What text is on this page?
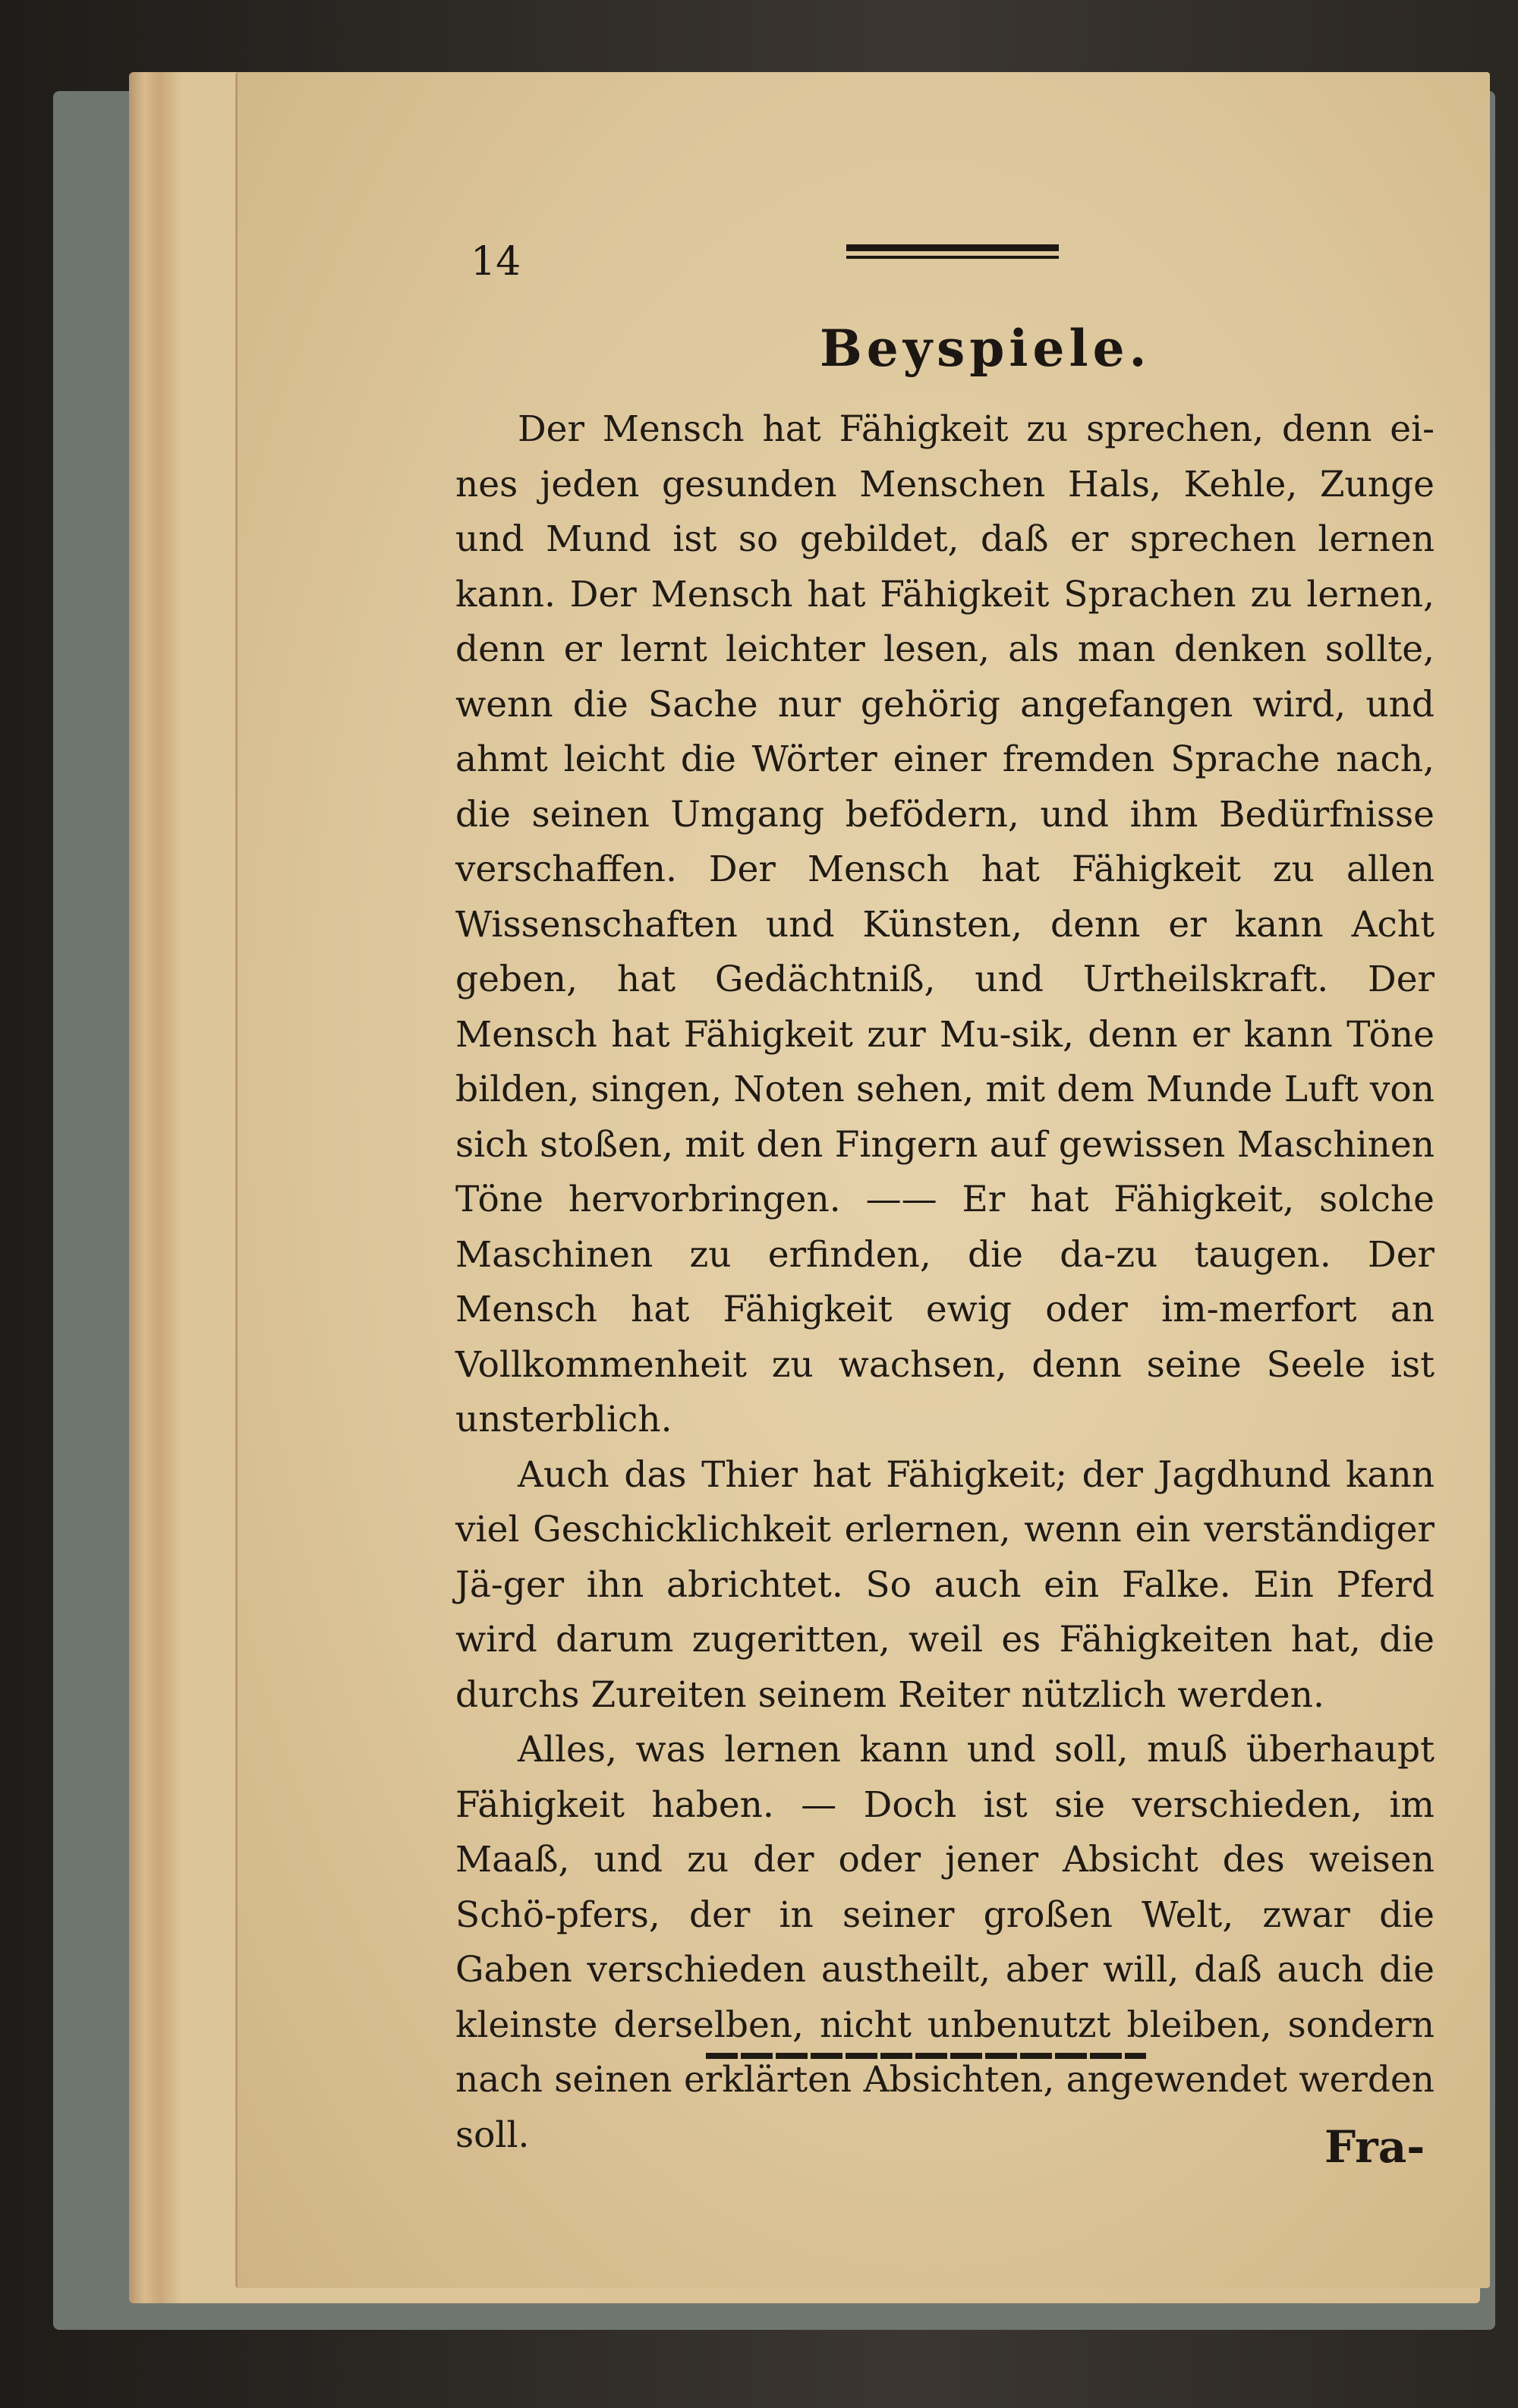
14
Beyspiele.

Der Mensch hat Fähigkeit zu sprechen, denn ei-nes jeden gesunden Menschen Hals, Kehle, Zunge und Mund ist so gebildet, daß er sprechen lernen kann. Der Mensch hat Fähigkeit Sprachen zu lernen, denn er lernt leichter lesen, als man denken sollte, wenn die Sache nur gehörig angefangen wird, und ahmt leicht die Wörter einer fremden Sprache nach, die seinen Umgang befödern, und ihm Bedürfnisse verschaffen. Der Mensch hat Fähigkeit zu allen Wissenschaften und Künsten, denn er kann Acht geben, hat Gedächtniß, und Urtheilskraft. Der Mensch hat Fähigkeit zur Mu-sik, denn er kann Töne bilden, singen, Noten sehen, mit dem Munde Luft von sich stoßen, mit den Fingern auf gewissen Maschinen Töne hervorbringen. —— Er hat Fähigkeit, solche Maschinen zu erfinden, die da-zu taugen. Der Mensch hat Fähigkeit ewig oder im-merfort an Vollkommenheit zu wachsen, denn seine Seele ist unsterblich.

Auch das Thier hat Fähigkeit; der Jagdhund kann viel Geschicklichkeit erlernen, wenn ein verständiger Jä-ger ihn abrichtet. So auch ein Falke. Ein Pferd wird darum zugeritten, weil es Fähigkeiten hat, die durchs Zureiten seinem Reiter nützlich werden.

Alles, was lernen kann und soll, muß überhaupt Fähigkeit haben. — Doch ist sie verschieden, im Maaß, und zu der oder jener Absicht des weisen Schö-pfers, der in seiner großen Welt, zwar die Gaben verschieden austheilt, aber will, daß auch die kleinste derselben, nicht unbenutzt bleiben, sondern nach seinen erklärten Absichten, angewendet werden soll.	Fra-
